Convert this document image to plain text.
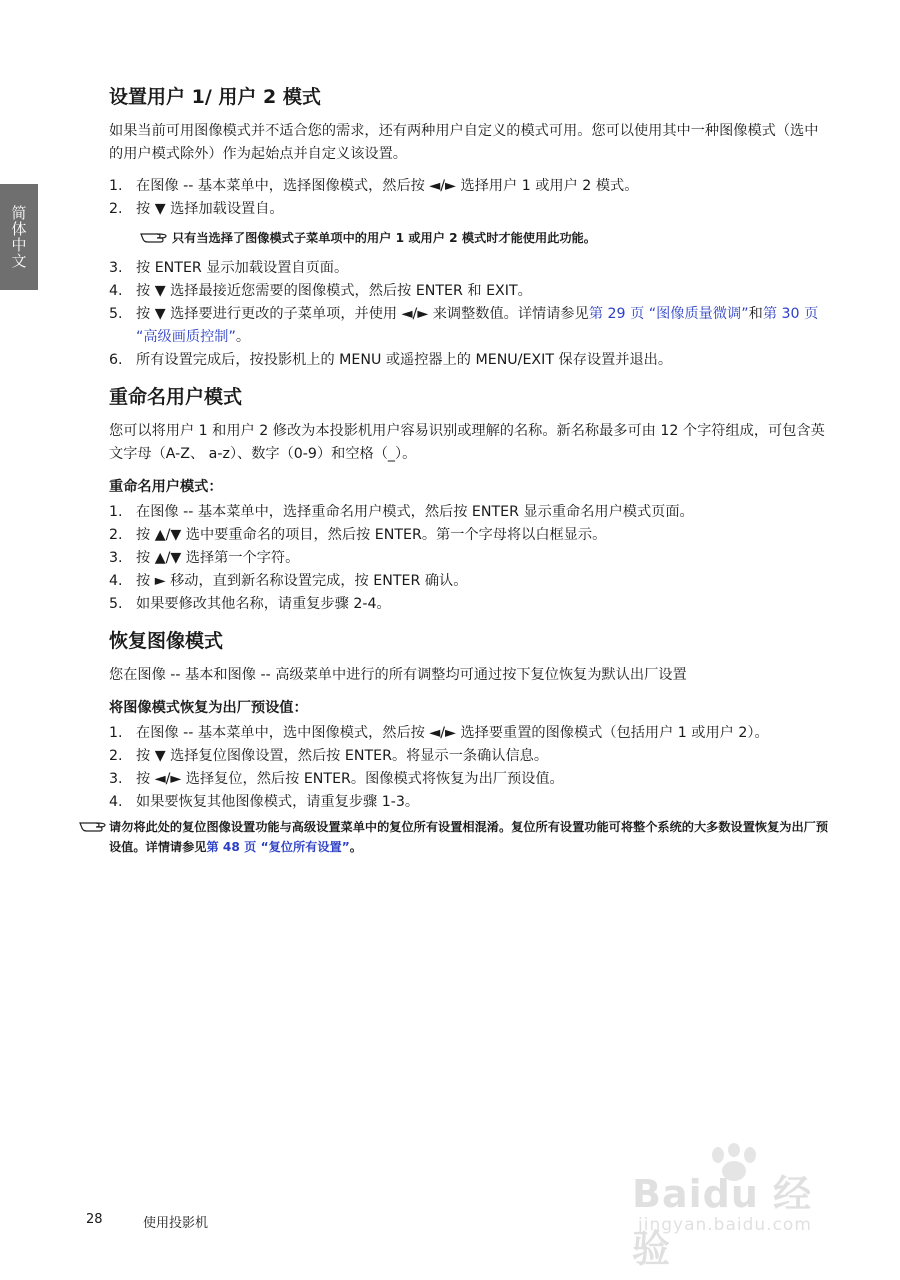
简体中文
设置用户 1/ 用户 2 模式

如果当前可用图像模式并不适合您的需求，还有两种用户自定义的模式可用。您可以使用其中一种图像模式（选中的用户模式除外）作为起始点并自定义该设置。

1. 在图像 -- 基本菜单中，选择图像模式，然后按 ◄/► 选择用户 1 或用户 2 模式。
2. 按 ▼ 选择加载设置自。
只有当选择了图像模式子菜单项中的用户 1 或用户 2 模式时才能使用此功能。
3. 按 ENTER 显示加载设置自页面。
4. 按 ▼ 选择最接近您需要的图像模式，然后按 ENTER 和 EXIT。
5. 按 ▼ 选择要进行更改的子菜单项，并使用 ◄/► 来调整数值。详情请参见第 29 页 “图像质量微调”和第 30 页 “高级画质控制”。
6. 所有设置完成后，按投影机上的 MENU 或遥控器上的 MENU/EXIT 保存设置并退出。
重命名用户模式

您可以将用户 1 和用户 2 修改为本投影机用户容易识别或理解的名称。新名称最多可由 12 个字符组成，可包含英文字母（A-Z、 a-z）、数字（0-9）和空格（_）。

重命名用户模式：
1. 在图像 -- 基本菜单中，选择重命名用户模式，然后按 ENTER 显示重命名用户模式页面。
2. 按 ▲/▼ 选中要重命名的项目，然后按 ENTER。第一个字母将以白框显示。
3. 按 ▲/▼ 选择第一个字符。
4. 按 ► 移动，直到新名称设置完成，按 ENTER 确认。
5. 如果要修改其他名称，请重复步骤 2-4。
恢复图像模式

您在图像 -- 基本和图像 -- 高级菜单中进行的所有调整均可通过按下复位恢复为默认出厂设置

将图像模式恢复为出厂预设值：
1. 在图像 -- 基本菜单中，选中图像模式，然后按 ◄/► 选择要重置的图像模式（包括用户 1 或用户 2）。
2. 按 ▼ 选择复位图像设置，然后按 ENTER。将显示一条确认信息。
3. 按 ◄/► 选择复位，然后按 ENTER。图像模式将恢复为出厂预设值。
4. 如果要恢复其他图像模式，请重复步骤 1-3。
请勿将此处的复位图像设置功能与高级设置菜单中的复位所有设置相混淆。复位所有设置功能可将整个系统的大多数设置恢复为出厂预设值。详情请参见第 48 页 “复位所有设置”。
28	使用投影机
Baidu 经验
jingyan.baidu.com
